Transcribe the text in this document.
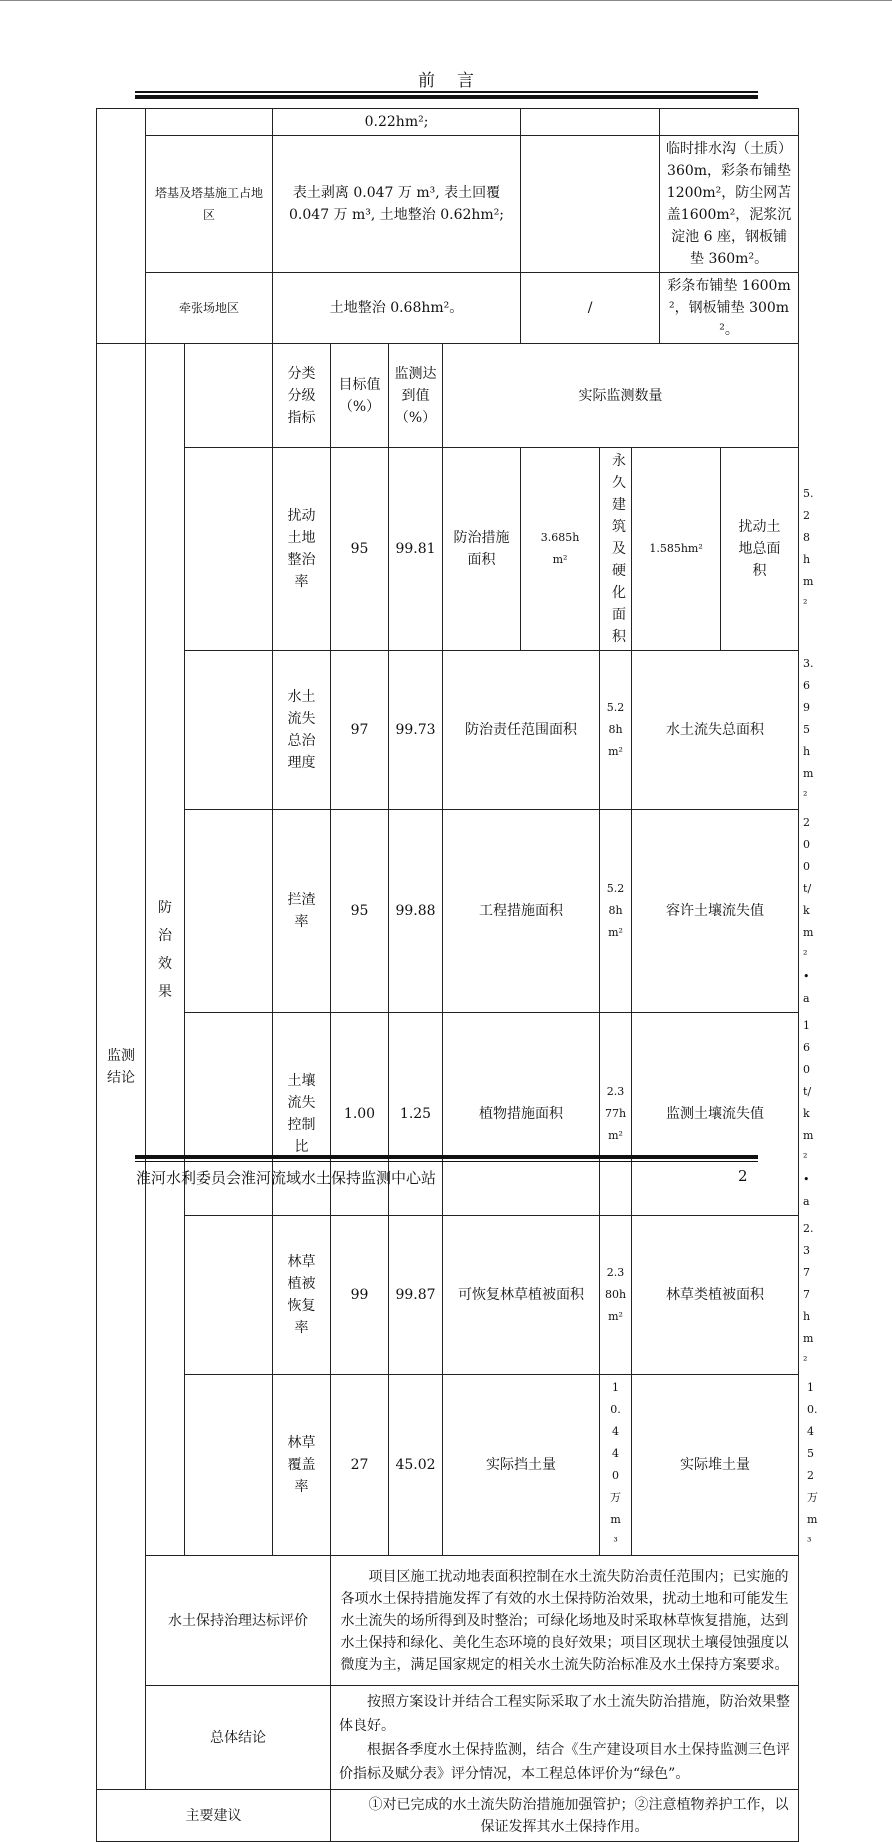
前言
			0.22hm²;									
	塔基及塔基施工占地区		表土剥离 0.047 万 m³, 表土回覆 0.047 万 m³, 土地整治 0.62hm²;							临时排水沟（土质）360m，彩条布铺垫1200m²，防尘网苫盖1600m²，泥浆沉淀池 6 座，钢板铺垫 360m²。		
	牵张场地区		土地整治 0.68hm²。				/			彩条布铺垫 1600m²，钢板铺垫 300m²。		

监测结论	防治效果		分类分级指标	目标值（%）	监测达到值（%）	实际监测数量						
			扰动土地整治率	95	99.81	防治措施面积	3.685hm²	永久建筑及硬化面积	1.585hm²		扰动土地总面积	5.28hm²
			水土流失总治理度	97	99.73	防治责任范围面积		5.28hm²	水土流失总面积			3.695hm²
			拦渣率	95	99.88	工程措施面积		5.28hm²	容许土壤流失值			200t/km²•a
			土壤流失控制比	1.00	1.25	植物措施面积		2.377hm²	监测土壤流失值			160t/km²•a
			林草植被恢复率	99	99.87	可恢复林草植被面积		2.380hm²	林草类植被面积			2.377hm²
			林草覆盖率	27	45.02	实际挡土量		10.440 万 m³	实际堆土量			10.452 万 m³
	水土保持治理达标评价			项目区施工扰动地表面积控制在水土流失防治责任范围内；已实施的各项水土保持措施发挥了有效的水土保持防治效果，扰动土地和可能发生水土流失的场所得到及时整治；可绿化场地及时采取林草恢复措施，达到水土保持和绿化、美化生态环境的良好效果；项目区现状土壤侵蚀强度以微度为主，满足国家规定的相关水土流失防治标准及水土保持方案要求。								
	总体结论			按照方案设计并结合工程实际采取了水土流失防治措施，防治效果整体良好。
根据各季度水土保持监测，结合《生产建设项目水土保持监测三色评价指标及赋分表》评分情况，本工程总体评价为“绿色”。								

主要建议				①对已完成的水土流失防治措施加强管护；②注意植物养护工作，以保证发挥其水土保持作用。								
淮河水利委员会淮河流域水土保持监测中心站	2
